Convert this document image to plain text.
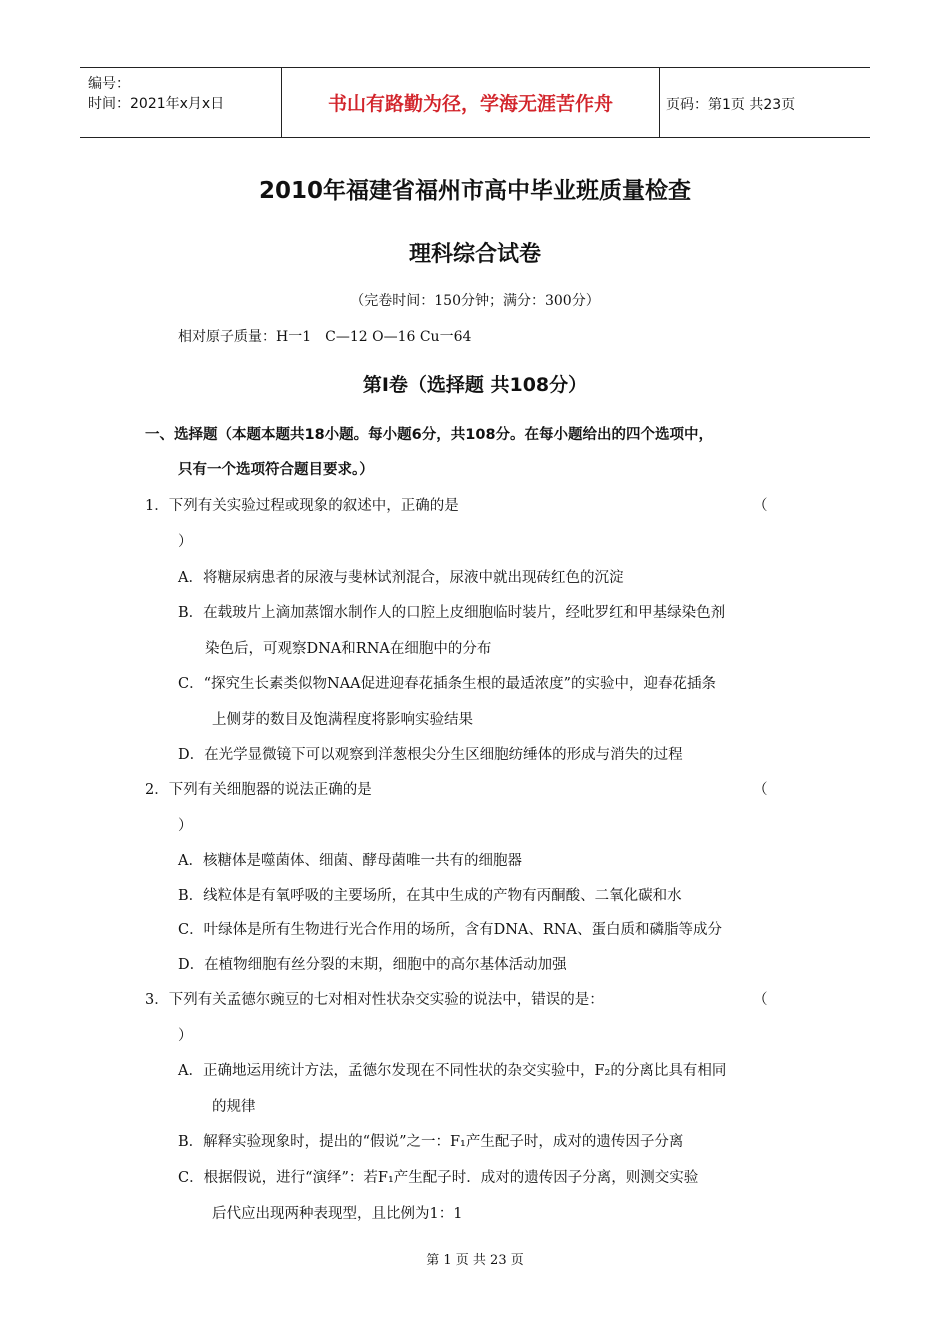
编号：
时间：2021年x月x日	书山有路勤为径，学海无涯苦作舟	页码：第1页 共23页
2010年福建省福州市高中毕业班质量检查
理科综合试卷
（完卷时间：150分钟；满分：300分）
相对原子质量：H一1　C—12 O—16 Cu一64
第Ⅰ卷（选择题 共108分）
一、选择题（本题本题共18小题。每小题6分，共108分。在每小题给出的四个选项中，
只有一个选项符合题目要求。）
1．下列有关实验过程或现象的叙述中，正确的是	（
）
A．将糖尿病患者的尿液与斐林试剂混合，尿液中就出现砖红色的沉淀
B．在载玻片上滴加蒸馏水制作人的口腔上皮细胞临时装片，经吡罗红和甲基绿染色剂
染色后，可观察DNA和RNA在细胞中的分布
C．“探究生长素类似物NAA促进迎春花插条生根的最适浓度”的实验中，迎春花插条
上侧芽的数目及饱满程度将影响实验结果
D．在光学显微镜下可以观察到洋葱根尖分生区细胞纺缍体的形成与消失的过程
2．下列有关细胞器的说法正确的是	（
）
A．核糖体是噬菌体、细菌、酵母菌唯一共有的细胞器
B．线粒体是有氧呼吸的主要场所，在其中生成的产物有丙酮酸、二氧化碳和水
C．叶绿体是所有生物进行光合作用的场所，含有DNA、RNA、蛋白质和磷脂等成分
D．在植物细胞有丝分裂的末期，细胞中的高尔基体活动加强
3．下列有关孟德尔豌豆的七对相对性状杂交实验的说法中，错误的是：	（
）
A．正确地运用统计方法，孟德尔发现在不同性状的杂交实验中，F₂的分离比具有相同
的规律
B．解释实验现象时，提出的“假说”之一：F₁产生配子时，成对的遗传因子分离
C．根据假说，进行“演绎”：若F₁产生配子时．成对的遗传因子分离，则测交实验
后代应出现两种表现型，且比例为1：1
第 1 页 共 23 页
